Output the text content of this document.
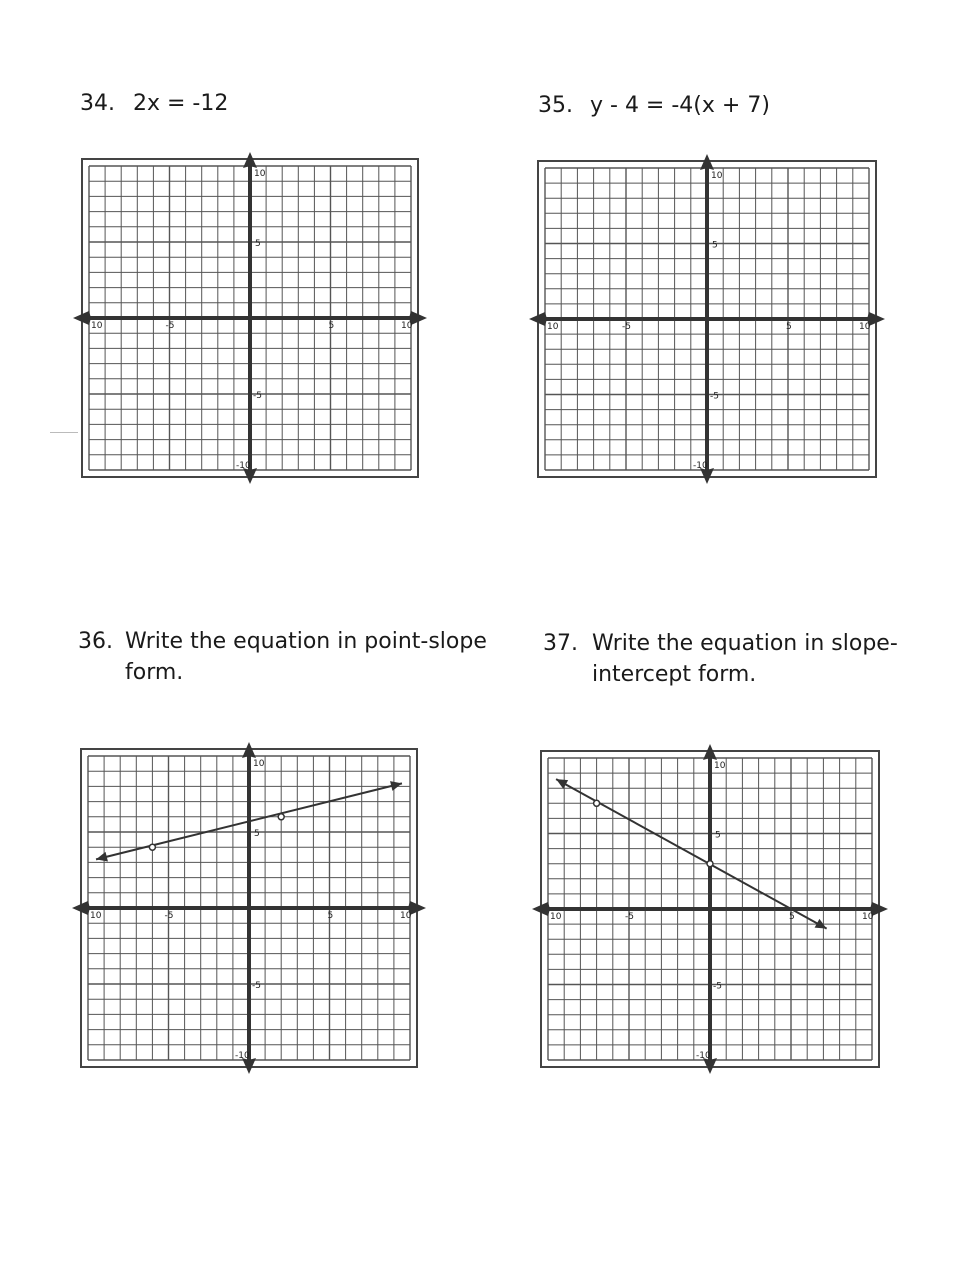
34. 2x = -12	35. y - 4 = -4(x + 7)
36. Write the equation in point-slope
form.
37. Write the equation in slope-
intercept form.
10	-5	5	10
10
5
-5
-10
10	-5	5	10
10
5
-5
-10
10	-5	5	10
10
5
-5
-10
10	-5	5	10
10
5
-5
-10
